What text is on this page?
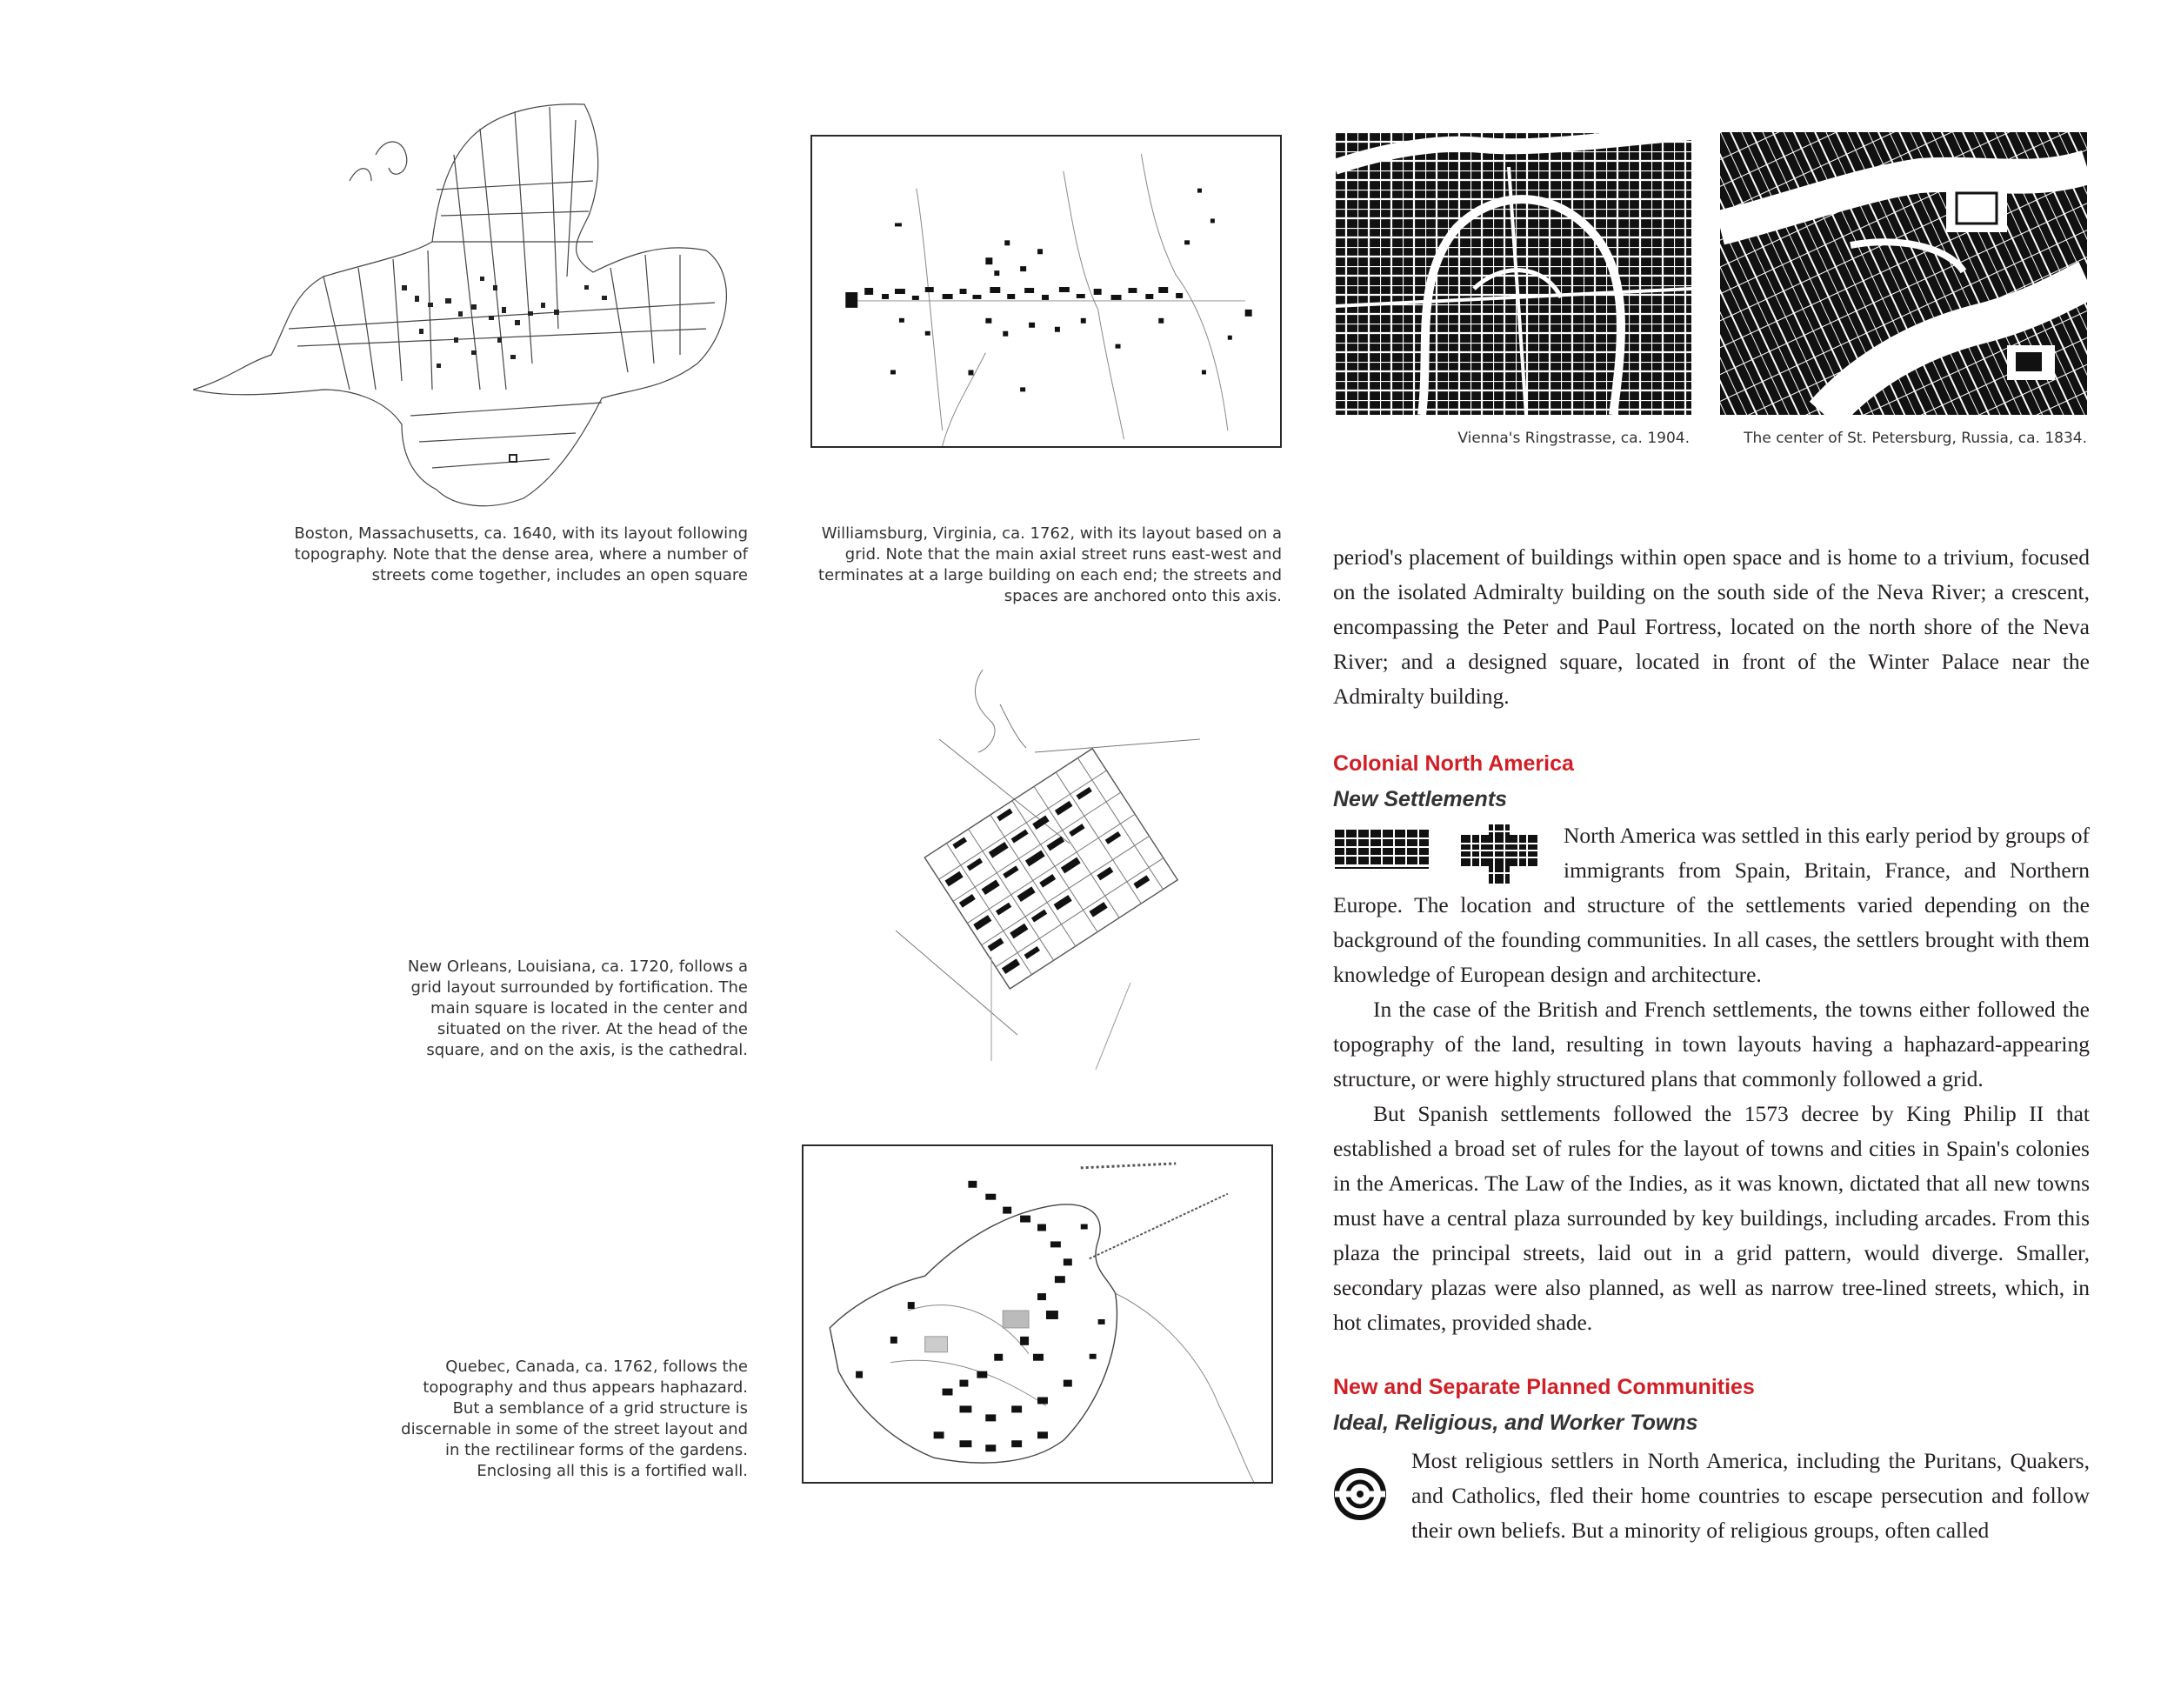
Vienna's Ringstrasse, ca. 1904.	The center of St. Petersburg, Russia, ca. 1834.
Boston, Massachusetts, ca. 1640, with its layout following topography. Note that the dense area, where a number of streets come together, includes an open square
Williamsburg, Virginia, ca. 1762, with its layout based on a grid. Note that the main axial street runs east-west and terminates at a large building on each end; the streets and spaces are anchored onto this axis.
New Orleans, Louisiana, ca. 1720, follows a grid layout surrounded by fortification. The main square is located in the center and situated on the river. At the head of the square, and on the axis, is the cathedral.
Quebec, Canada, ca. 1762, follows the topography and thus appears haphazard. But a semblance of a grid structure is discernable in some of the street layout and in the rectilinear forms of the gardens. Enclosing all this is a fortified wall.

period's placement of buildings within open space and is home to a trivium, focused on the isolated Admiralty building on the south side of the Neva River; a crescent, encompassing the Peter and Paul Fortress, located on the north shore of the Neva River; and a designed square, located in front of the Winter Palace near the Admiralty building.

Colonial North America
New Settlements

North America was settled in this early period by groups of immigrants from Spain, Britain, France, and Northern Europe. The location and structure of the settlements varied depending on the background of the founding communities. In all cases, the settlers brought with them knowledge of European design and architecture.

In the case of the British and French settlements, the towns either followed the topography of the land, resulting in town layouts having a haphazard-appearing structure, or were highly structured plans that commonly followed a grid.

But Spanish settlements followed the 1573 decree by King Philip II that established a broad set of rules for the layout of towns and cities in Spain's colonies in the Americas. The Law of the Indies, as it was known, dictated that all new towns must have a central plaza surrounded by key buildings, including arcades. From this plaza the principal streets, laid out in a grid pattern, would diverge. Smaller, secondary plazas were also planned, as well as narrow tree-lined streets, which, in hot climates, provided shade.

New and Separate Planned Communities
Ideal, Religious, and Worker Towns

Most religious settlers in North America, including the Puritans, Quakers, and Catholics, fled their home countries to escape persecution and follow their own beliefs. But a minority of religious groups, often called
